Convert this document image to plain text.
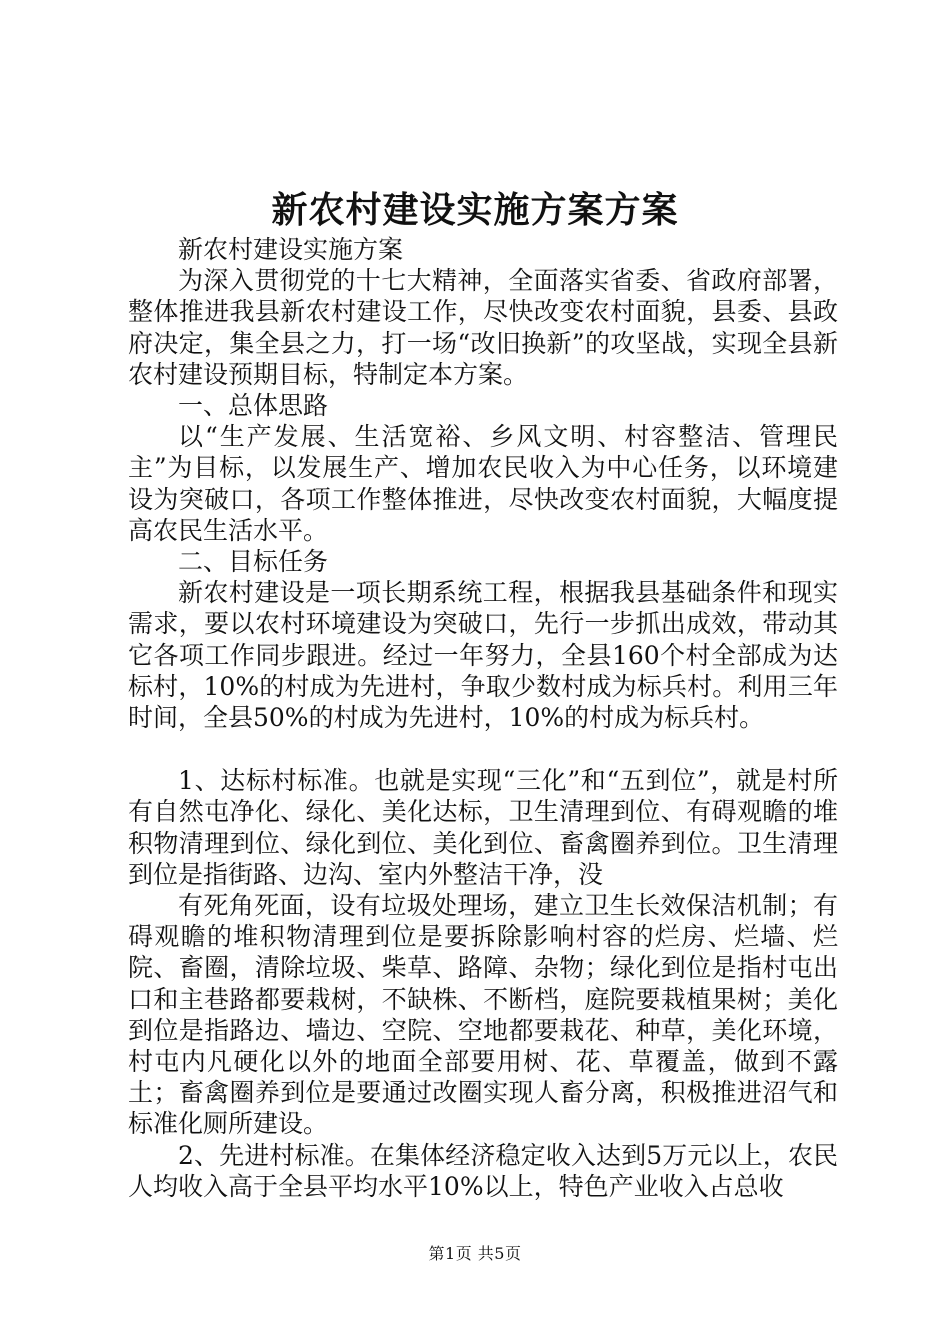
新农村建设实施方案方案

新农村建设实施方案

为深入贯彻党的十七大精神，全面落实省委、省政府部署，整体推进我县新农村建设工作，尽快改变农村面貌，县委、县政府决定，集全县之力，打一场“改旧换新”的攻坚战，实现全县新农村建设预期目标，特制定本方案。

一、总体思路

以“生产发展、生活宽裕、乡风文明、村容整洁、管理民主”为目标，以发展生产、增加农民收入为中心任务，以环境建设为突破口，各项工作整体推进，尽快改变农村面貌，大幅度提高农民生活水平。

二、目标任务

新农村建设是一项长期系统工程，根据我县基础条件和现实需求，要以农村环境建设为突破口，先行一步抓出成效，带动其它各项工作同步跟进。经过一年努力，全县160个村全部成为达标村，10%的村成为先进村，争取少数村成为标兵村。利用三年时间，全县50%的村成为先进村，10%的村成为标兵村。

1、达标村标准。也就是实现“三化”和“五到位”，就是村所有自然屯净化、绿化、美化达标，卫生清理到位、有碍观瞻的堆积物清理到位、绿化到位、美化到位、畜禽圈养到位。卫生清理到位是指街路、边沟、室内外整洁干净，没

有死角死面，设有垃圾处理场，建立卫生长效保洁机制；有碍观瞻的堆积物清理到位是要拆除影响村容的烂房、烂墙、烂院、畜圈，清除垃圾、柴草、路障、杂物；绿化到位是指村屯出口和主巷路都要栽树，不缺株、不断档，庭院要栽植果树；美化到位是指路边、墙边、空院、空地都要栽花、种草，美化环境，村屯内凡硬化以外的地面全部要用树、花、草覆盖，做到不露土；畜禽圈养到位是要通过改圈实现人畜分离，积极推进沼气和标准化厕所建设。

2、先进村标准。在集体经济稳定收入达到5万元以上，农民人均收入高于全县平均水平10%以上，特色产业收入占总收

第1页 共5页
